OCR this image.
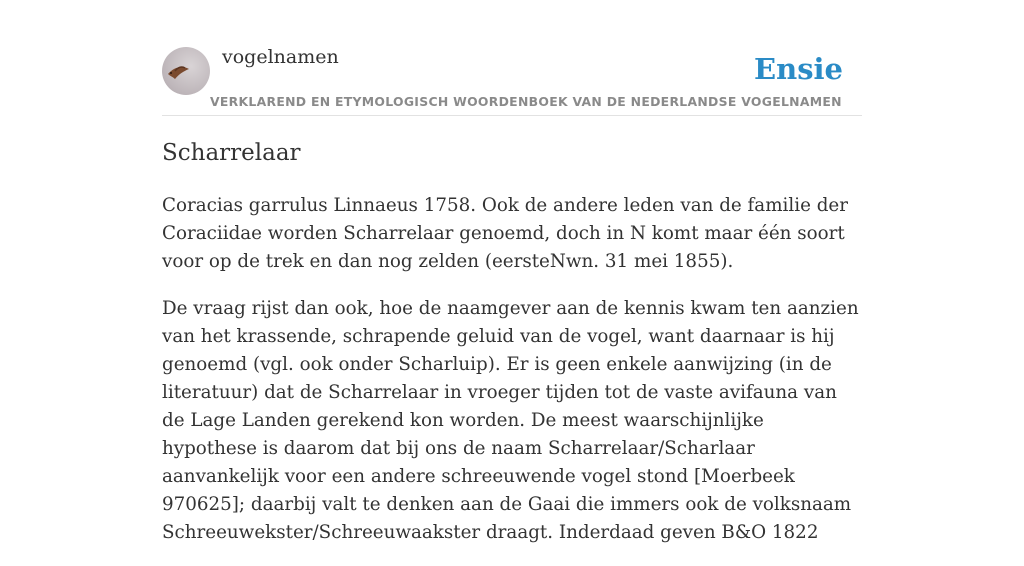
vogelnamen	Ensie
VERKLAREND EN ETYMOLOGISCH WOORDENBOEK VAN DE NEDERLANDSE VOGELNAMEN
Scharrelaar

Coracias garrulus Linnaeus 1758. Ook de andere leden van de familie der Coraciidae worden Scharrelaar genoemd, doch in N komt maar één soort voor op de trek en dan nog zelden (eersteNwn. 31 mei 1855).

De vraag rijst dan ook, hoe de naamgever aan de kennis kwam ten aanzien van het krassende, schrapende geluid van de vogel, want daarnaar is hij genoemd (vgl. ook onder Scharluip). Er is geen enkele aanwijzing (in de literatuur) dat de Scharrelaar in vroeger tijden tot de vaste avifauna van de Lage Landen gerekend kon worden. De meest waarschijnlijke hypothese is daarom dat bij ons de naam Scharrelaar/Scharlaar aanvankelijk voor een andere schreeuwende vogel stond [Moerbeek 970625]; daarbij valt te denken aan de Gaai die immers ook de volksnaam Schreeuwekster/Schreeuwaakster draagt. Inderdaad geven B&O 1822
